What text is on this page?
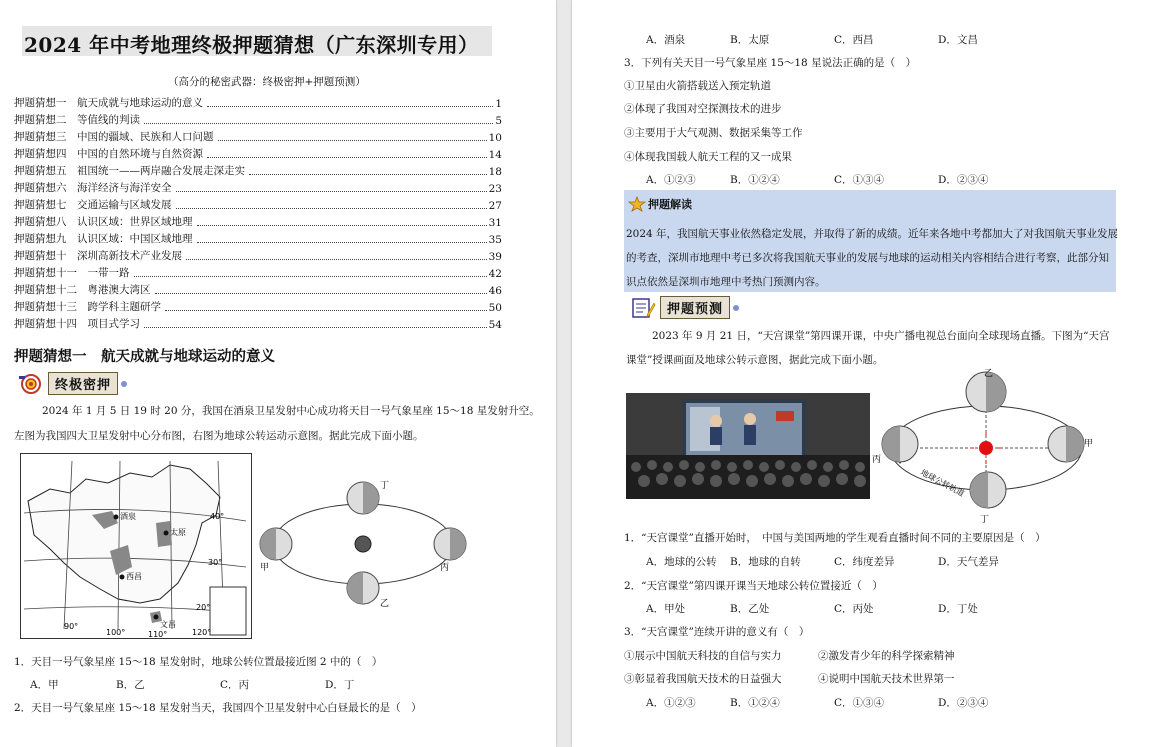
2024 年中考地理终极押题猜想（广东深圳专用）
（高分的秘密武器：终极密押+押题预测）
押题猜想一　航天成就与地球运动的意义	1
押题猜想二　等值线的判读	5
押题猜想三　中国的疆域、民族和人口问题	10
押题猜想四　中国的自然环境与自然资源	14
押题猜想五　祖国统一——两岸融合发展走深走实	18
押题猜想六　海洋经济与海洋安全	23
押题猜想七　交通运输与区域发展	27
押题猜想八　认识区域：世界区域地理	31
押题猜想九　认识区域：中国区域地理	35
押题猜想十　深圳高新技术产业发展	39
押题猜想十一　一带一路	42
押题猜想十二　粤港澳大湾区	46
押题猜想十三　跨学科主题研学	50
押题猜想十四　项目式学习	54
押题猜想一　航天成就与地球运动的意义
终极密押
2024 年 1 月 5 日 19 时 20 分，我国在酒泉卫星发射中心成功将天目一号气象星座 15～18 星发射升空。
左图为我国四大卫星发射中心分布图，右图为地球公转运动示意图。据此完成下面小题。
酒泉
太原
西昌
文昌
40°
30°
20°
90°
100°	110°	120°
甲
乙
丙
丁
1．天目一号气象星座 15～18 星发射时，地球公转位置最接近图 2 中的（　）
A．甲	B．乙	C．丙	D．丁
2．天目一号气象星座 15～18 星发射当天，我国四个卫星发射中心白昼最长的是（　）
A．酒泉	B．太原	C．西昌	D．文昌
3．下列有关天目一号气象星座 15～18 星说法正确的是（　）
①卫星由火箭搭载送入预定轨道
②体现了我国对空探测技术的进步
③主要用于大气观测、数据采集等工作
④体现我国载人航天工程的又一成果
A．①②③	B．①②④	C．①③④	D．②③④
押题解读
2024 年，我国航天事业依然稳定发展，并取得了新的成绩。近年来各地中考都加大了对我国航天事业发展
的考查，深圳市地理中考已多次将我国航天事业的发展与地球的运动相关内容相结合进行考察，此部分知
识点依然是深圳市地理中考热门预测内容。
押题预测
2023 年 9 月 21 日，“天宫课堂”第四课开课，中央广播电视总台面向全球现场直播。下图为“天宫
课堂”授课画面及地球公转示意图，据此完成下面小题。
乙
甲
丙
丁
地球公转轨道
1．“天宫课堂”直播开始时，　中国与美国两地的学生观看直播时间不同的主要原因是（　）
A．地球的公转 B．地球的自转	C．纬度差异	D．天气差异
2．“天宫课堂”第四课开课当天地球公转位置接近（　）
A．甲处	B．乙处	C．丙处	D．丁处
3．“天宫课堂”连续开讲的意义有（　）
①展示中国航天科技的自信与实力	②激发青少年的科学探索精神
③彰显着我国航天技术的日益强大	④说明中国航天技术世界第一
A．①②③	B．①②④	C．①③④	D．②③④
